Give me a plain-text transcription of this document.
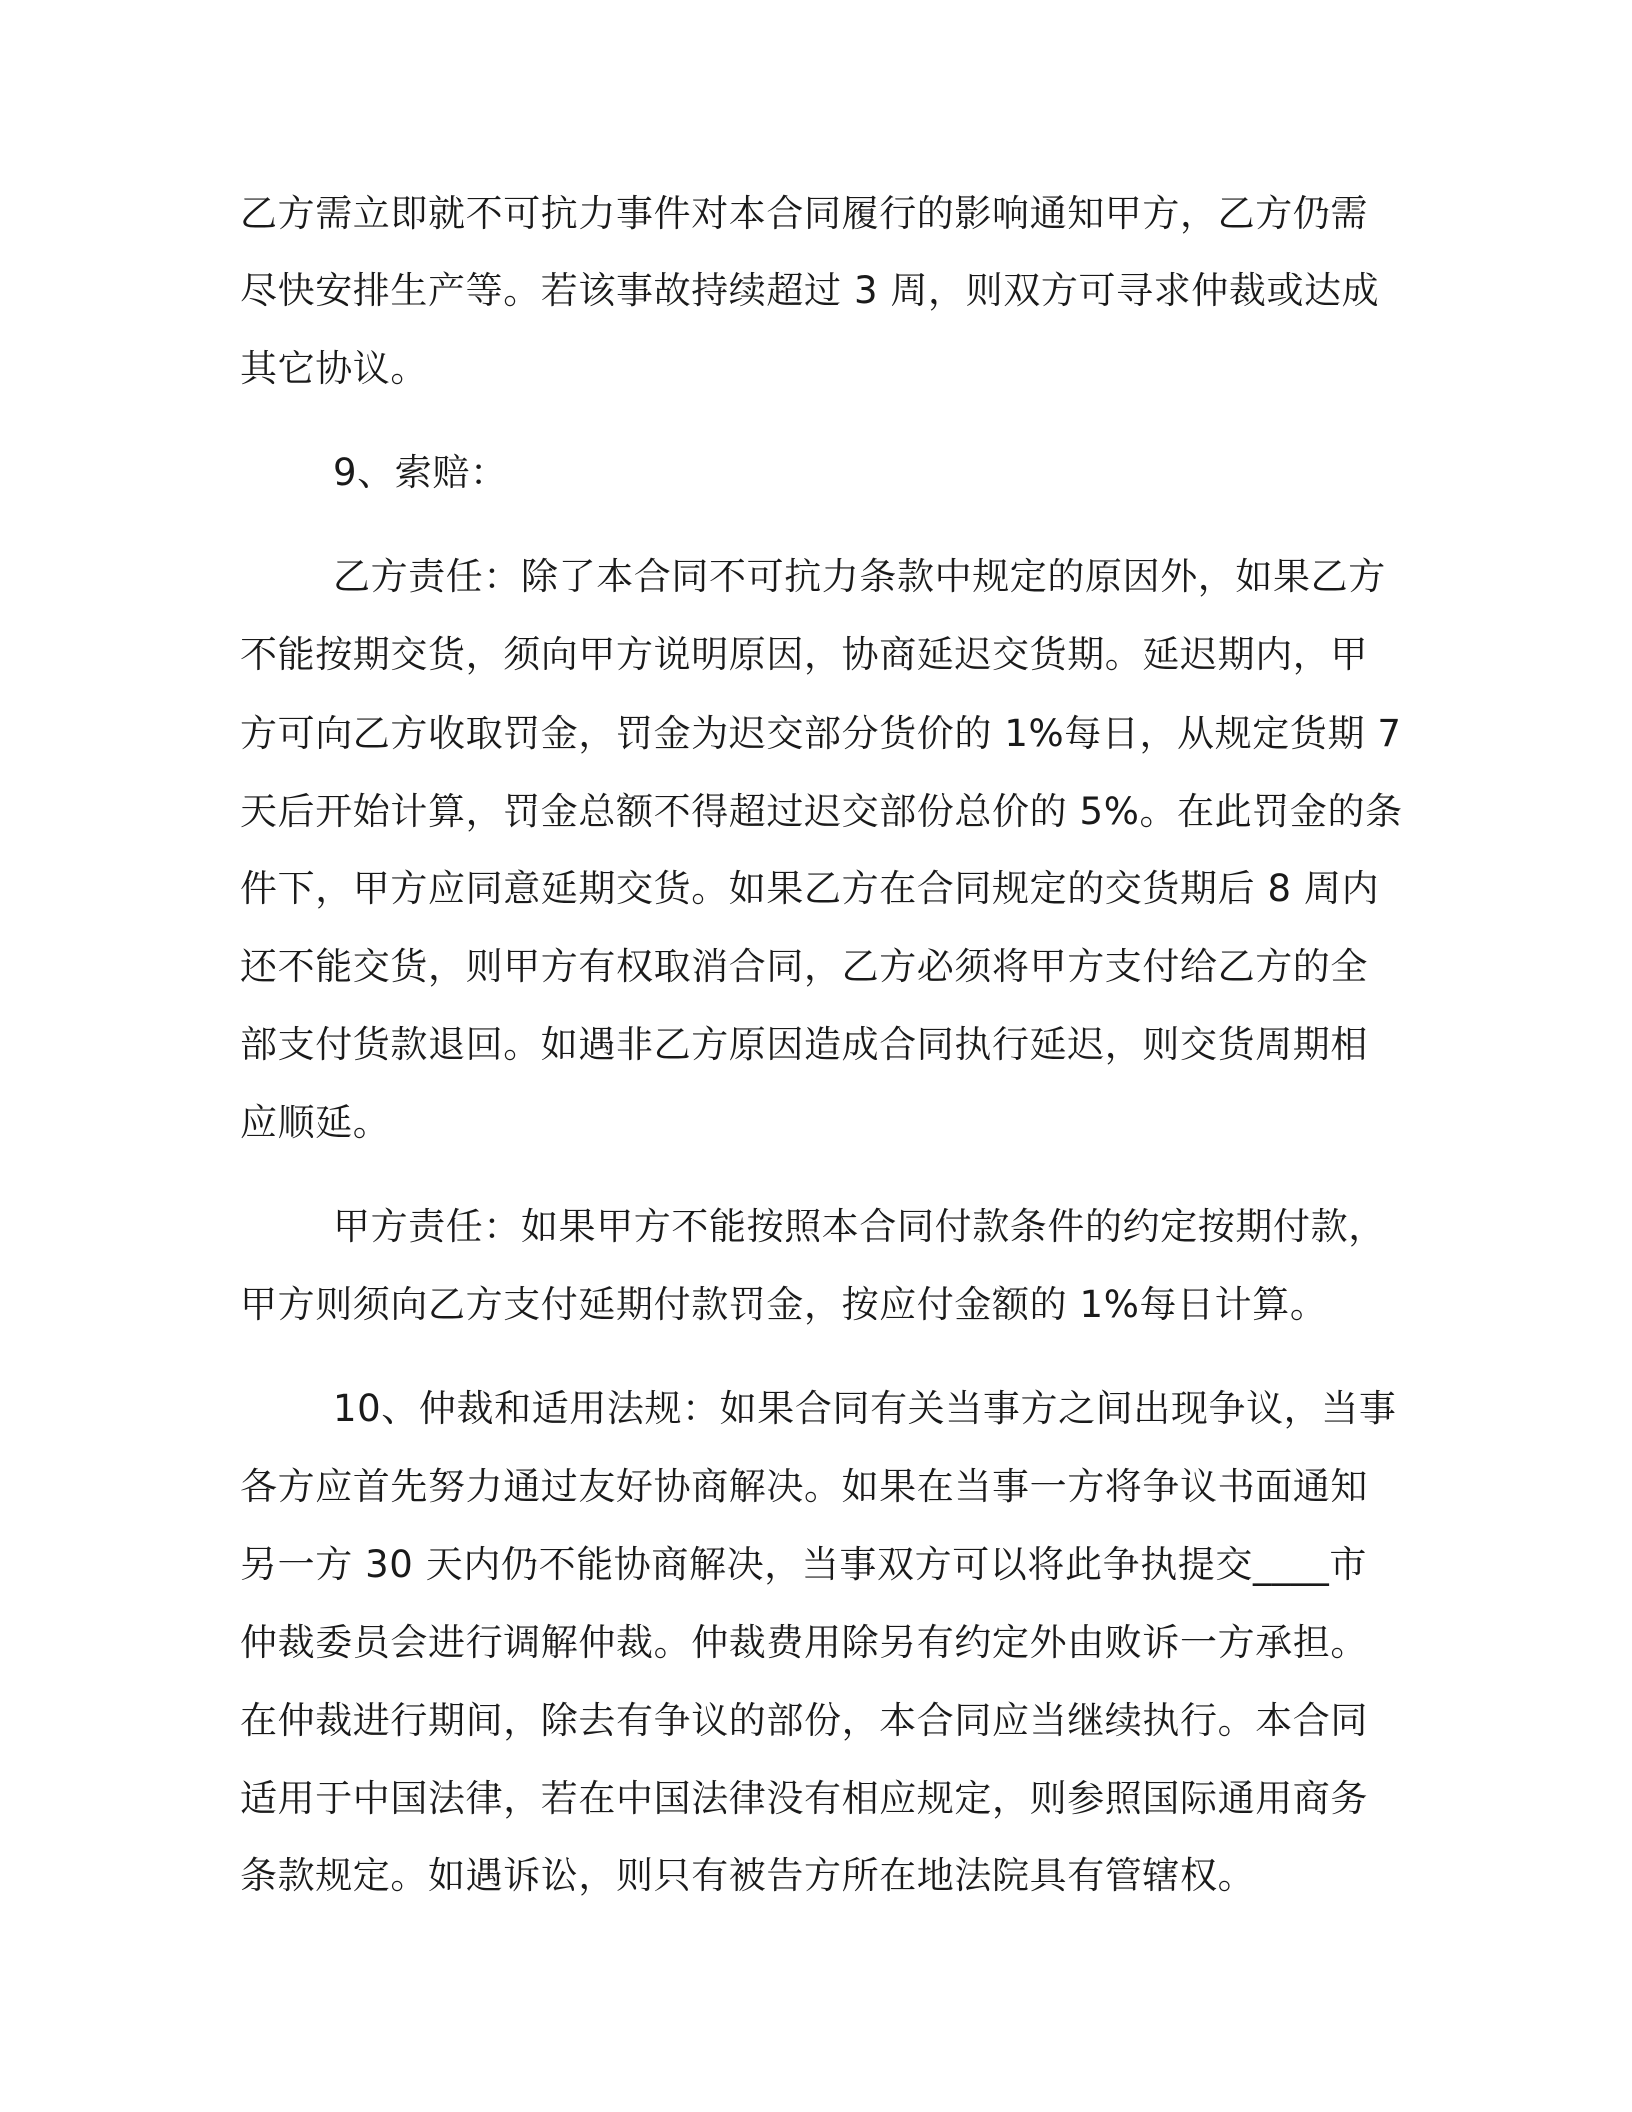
乙方需立即就不可抗力事件对本合同履行的影响通知甲方，乙方仍需
尽快安排生产等。若该事故持续超过 3 周，则双方可寻求仲裁或达成
其它协议。
9、索赔：
乙方责任：除了本合同不可抗力条款中规定的原因外，如果乙方
不能按期交货，须向甲方说明原因，协商延迟交货期。延迟期内，甲
方可向乙方收取罚金，罚金为迟交部分货价的 1%每日，从规定货期 7
天后开始计算，罚金总额不得超过迟交部份总价的 5%。在此罚金的条
件下，甲方应同意延期交货。如果乙方在合同规定的交货期后 8 周内
还不能交货，则甲方有权取消合同，乙方必须将甲方支付给乙方的全
部支付货款退回。如遇非乙方原因造成合同执行延迟，则交货周期相
应顺延。
甲方责任：如果甲方不能按照本合同付款条件的约定按期付款，
甲方则须向乙方支付延期付款罚金，按应付金额的 1%每日计算。
10、仲裁和适用法规：如果合同有关当事方之间出现争议，当事
各方应首先努力通过友好协商解决。如果在当事一方将争议书面通知
另一方 30 天内仍不能协商解决，当事双方可以将此争执提交____市
仲裁委员会进行调解仲裁。仲裁费用除另有约定外由败诉一方承担。
在仲裁进行期间，除去有争议的部份，本合同应当继续执行。本合同
适用于中国法律，若在中国法律没有相应规定，则参照国际通用商务
条款规定。如遇诉讼，则只有被告方所在地法院具有管辖权。
